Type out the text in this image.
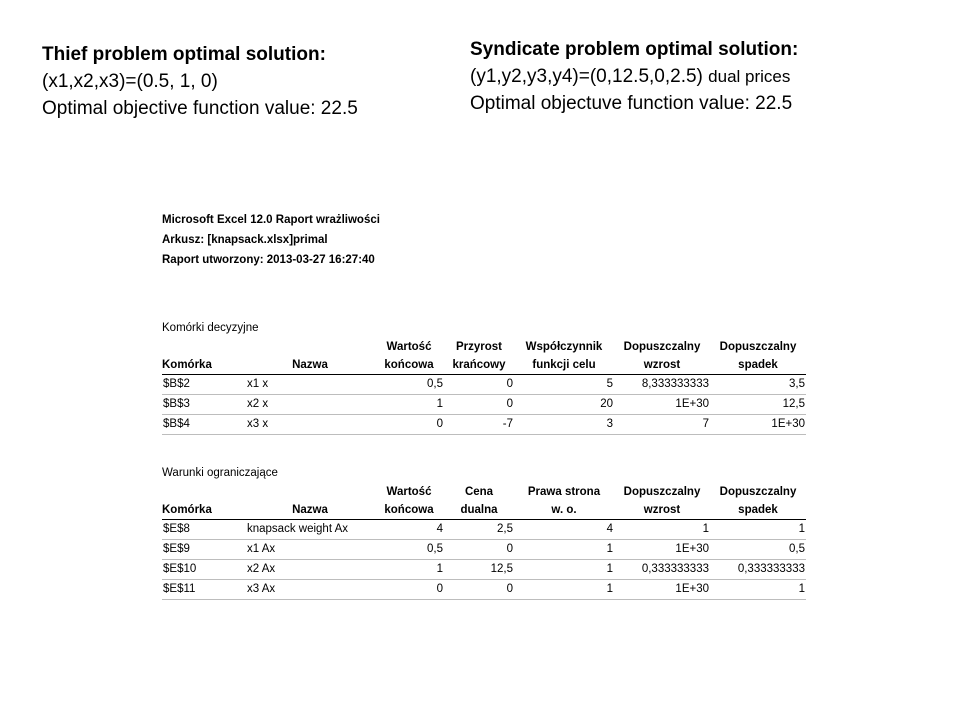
Thief problem optimal solution:
(x1,x2,x3)=(0.5, 1, 0)
Optimal objective function value: 22.5
Syndicate problem optimal solution:
(y1,y2,y3,y4)=(0,12.5,0,2.5) dual prices
Optimal objectuve function value: 22.5
Microsoft Excel 12.0 Raport wrażliwości
Arkusz: [knapsack.xlsx]primal
Raport utworzony: 2013-03-27 16:27:40
Komórki decyzyjne
		Wartość	Przyrost	Współczynnik	Dopuszczalny	Dopuszczalny
Komórka	Nazwa	końcowa	krańcowy	funkcji celu	wzrost	spadek
$B$2	x1 x	0,5	0	5	8,333333333	3,5
$B$3	x2 x	1	0	20	1E+30	12,5
$B$4	x3 x	0	-7	3	7	1E+30
Warunki ograniczające
		Wartość	Cena	Prawa strona	Dopuszczalny	Dopuszczalny
Komórka	Nazwa	końcowa	dualna	w. o.	wzrost	spadek
$E$8	knapsack weight Ax	4	2,5	4	1	1
$E$9	x1 Ax	0,5	0	1	1E+30	0,5
$E$10	x2 Ax	1	12,5	1	0,333333333	0,333333333
$E$11	x3 Ax	0	0	1	1E+30	1
